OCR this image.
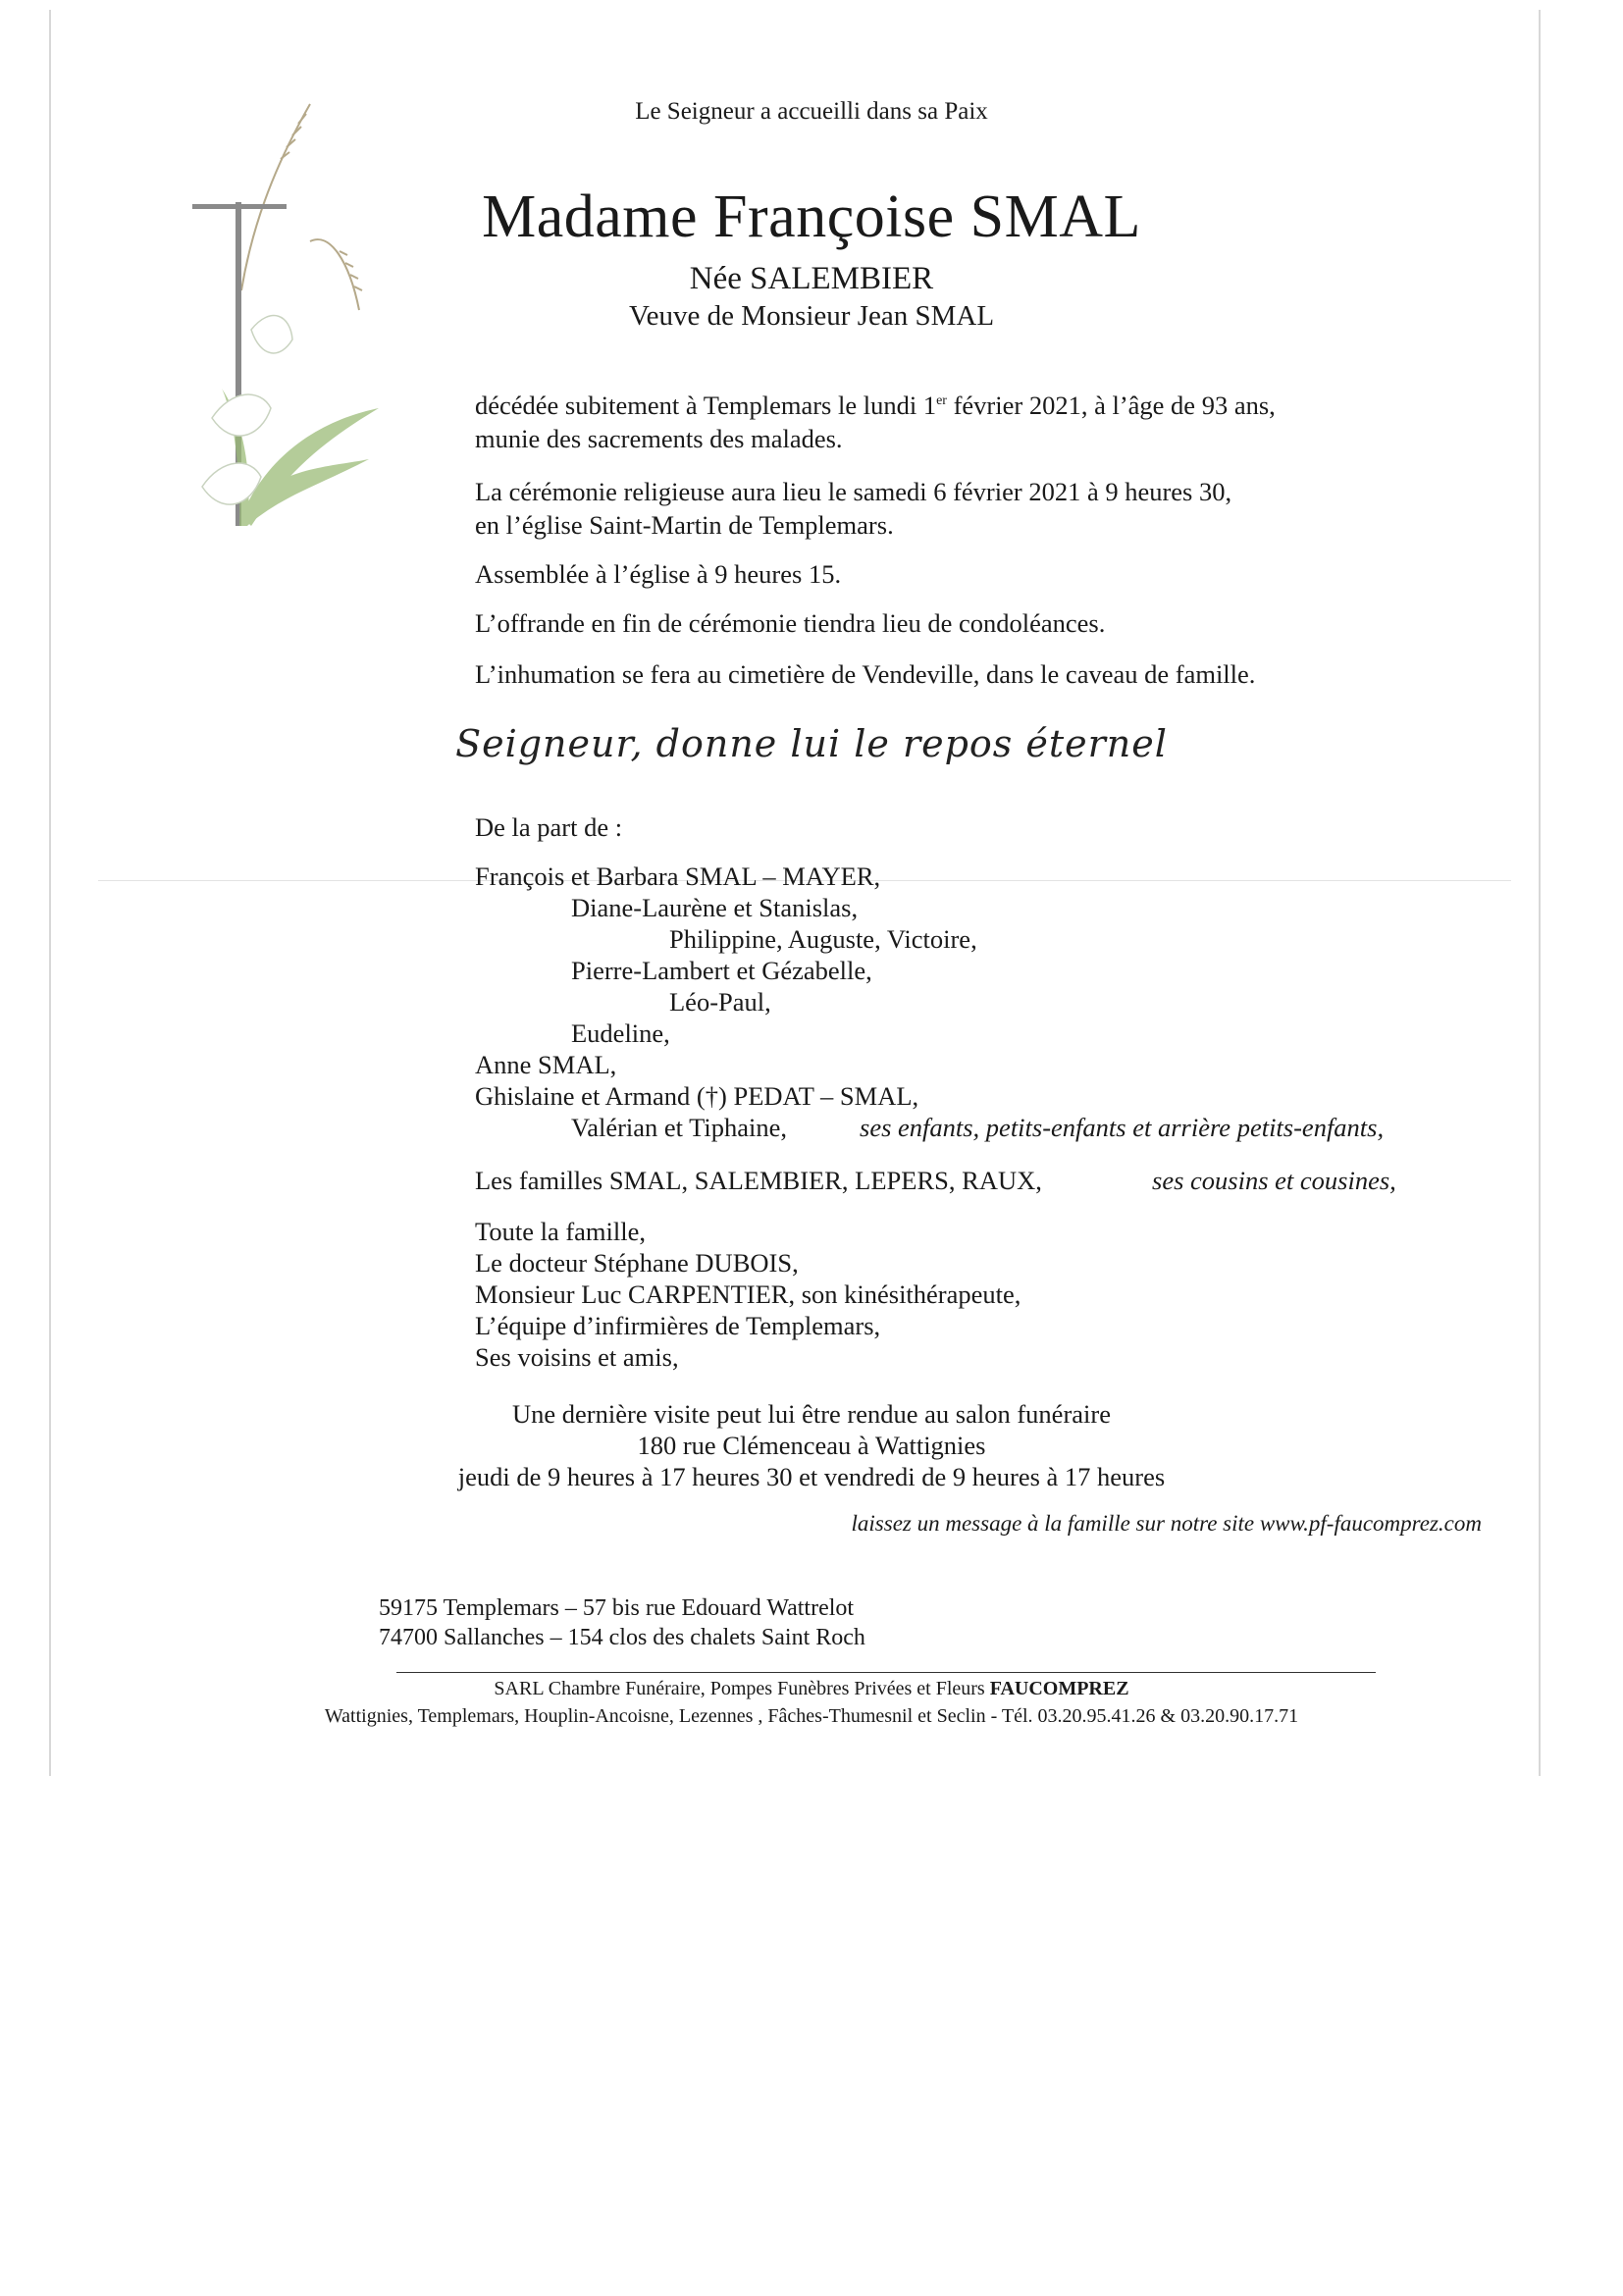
Le Seigneur a accueilli dans sa Paix
Madame Françoise SMAL
Née SALEMBIER
Veuve de Monsieur Jean SMAL
décédée subitement à Templemars le lundi 1er février 2021, à l’âge de 93 ans,
munie des sacrements des malades.
La cérémonie religieuse aura lieu le samedi 6 février 2021 à 9 heures 30,
en l’église Saint-Martin de Templemars.
Assemblée à l’église à 9 heures 15.
L’offrande en fin de cérémonie tiendra lieu de condoléances.
L’inhumation se fera au cimetière de Vendeville, dans le caveau de famille.
Seigneur, donne lui le repos éternel
De la part de :
François et Barbara SMAL – MAYER,
Diane-Laurène et Stanislas,
Philippine, Auguste, Victoire,
Pierre-Lambert et Gézabelle,
Léo-Paul,
Eudeline,
Anne SMAL,
Ghislaine et Armand (†) PEDAT – SMAL,
Valérian et Tiphaine,	ses enfants, petits-enfants et arrière petits-enfants,
Les familles SMAL, SALEMBIER, LEPERS, RAUX,	ses cousins et cousines,
Toute la famille,
Le docteur Stéphane DUBOIS,
Monsieur Luc CARPENTIER, son kinésithérapeute,
L’équipe d’infirmières de Templemars,
Ses voisins et amis,
Une dernière visite peut lui être rendue au salon funéraire
180 rue Clémenceau à Wattignies
jeudi de 9 heures à 17 heures 30 et vendredi de 9 heures à 17 heures
laissez un message à la famille sur notre site www.pf-faucomprez.com
59175 Templemars – 57 bis rue Edouard Wattrelot
74700 Sallanches – 154 clos des chalets Saint Roch
SARL Chambre Funéraire, Pompes Funèbres Privées et Fleurs FAUCOMPREZ
Wattignies, Templemars, Houplin-Ancoisne, Lezennes , Fâches-Thumesnil et Seclin - Tél. 03.20.95.41.26 & 03.20.90.17.71
